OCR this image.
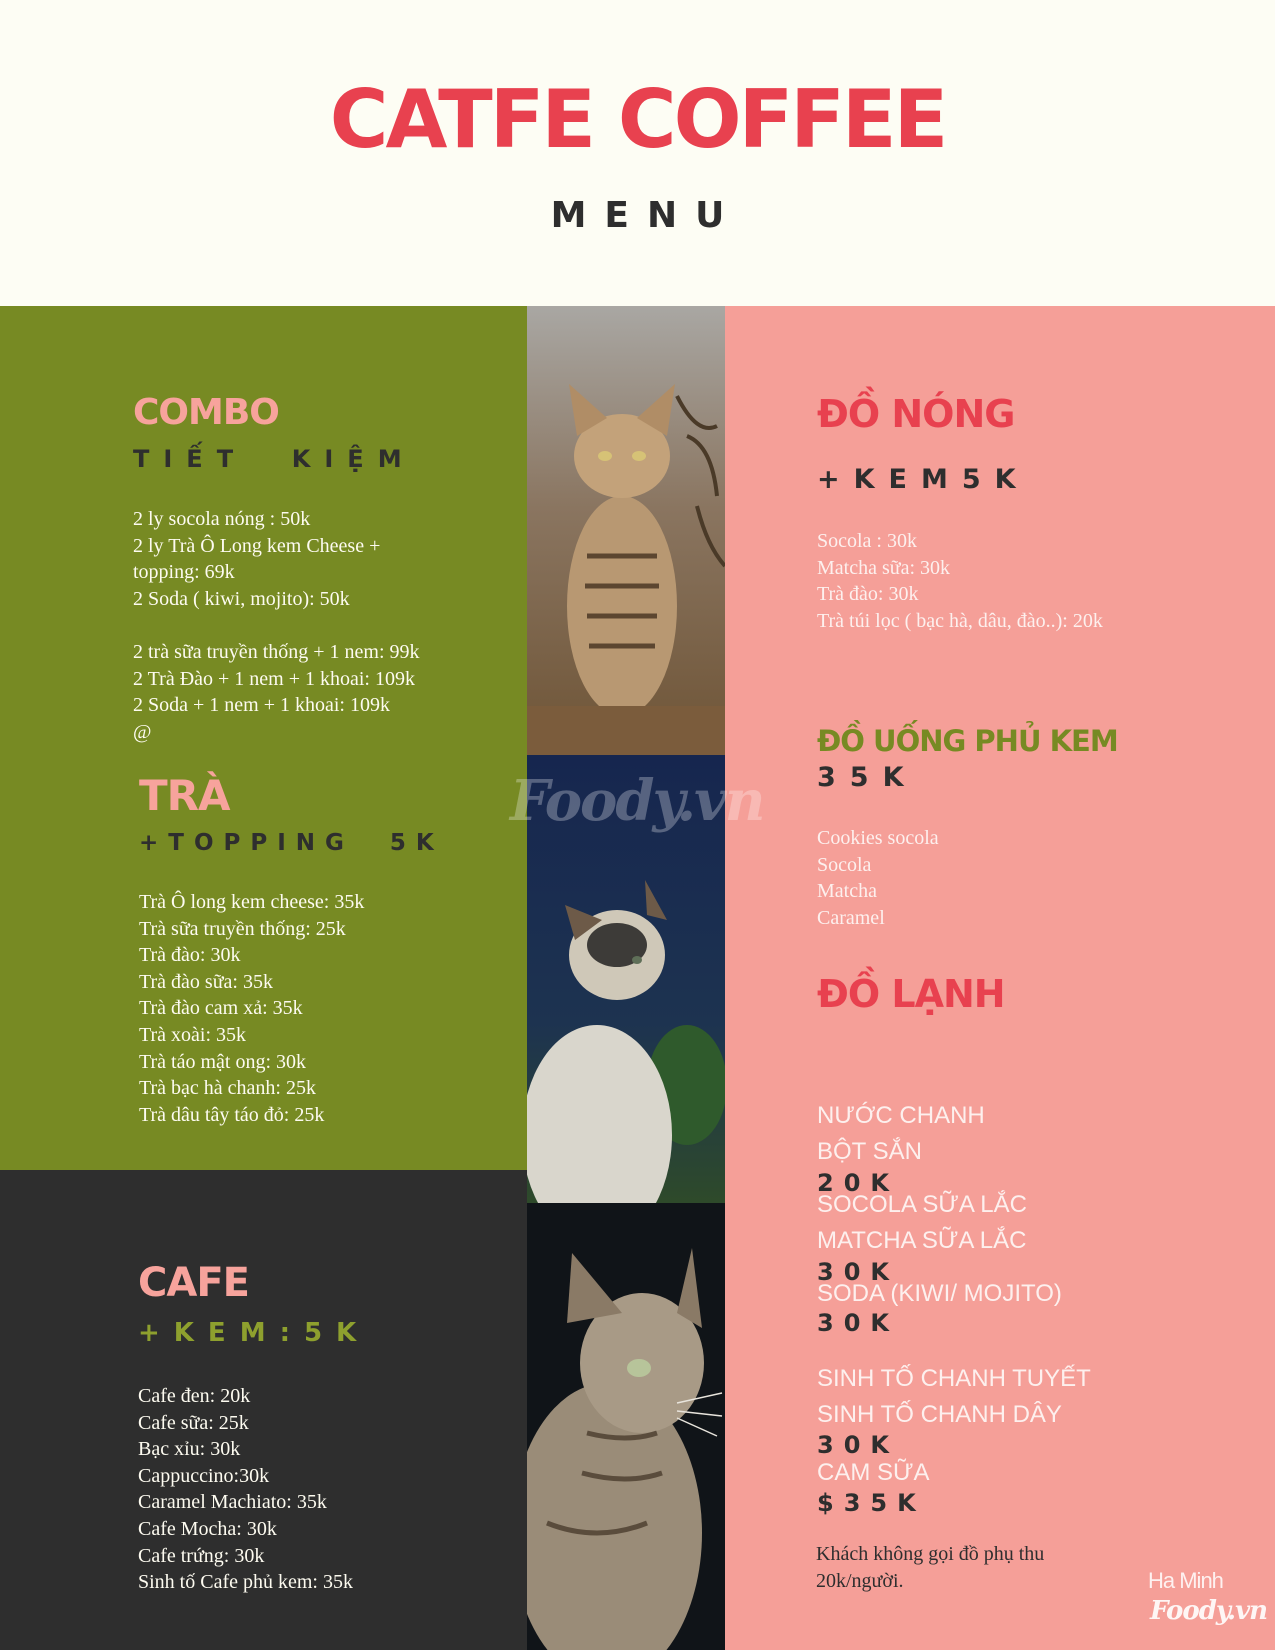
CATFE COFFEE
MENU
COMBO
TIẾT  KIỆM
2 ly socola nóng : 50k
2 ly Trà Ô Long kem Cheese +
topping: 69k
2 Soda ( kiwi, mojito): 50k
2 trà sữa truyền thống + 1 nem: 99k
2 Trà Đào + 1 nem + 1 khoai: 109k
2 Soda + 1 nem + 1 khoai: 109k
@
TRÀ
+TOPPING  5K
Trà Ô long kem cheese: 35k
Trà sữa truyền thống: 25k
Trà đào: 30k
Trà đào sữa: 35k
Trà đào cam xả: 35k
Trà xoài: 35k
Trà táo mật ong: 30k
Trà bạc hà chanh: 25k
Trà dâu tây táo đỏ: 25k
CAFE
+KEM:5K
Cafe đen: 20k
Cafe sữa: 25k
Bạc xỉu: 30k
Cappuccino:30k
Caramel Machiato: 35k
Cafe Mocha: 30k
Cafe trứng: 30k
Sinh tố Cafe phủ kem: 35k
ĐỒ NÓNG
+KEM5K
Socola : 30k
Matcha sữa: 30k
Trà đào: 30k
Trà túi lọc ( bạc hà, dâu, đào..): 20k
ĐỒ UỐNG PHỦ KEM
35K
Cookies socola
Socola
Matcha
Caramel
ĐỒ LẠNH
NƯỚC CHANH
BỘT SẮN
20K
SOCOLA SỮA LẮC
MATCHA SỮA LẮC
30K
SODA (KIWI/ MOJITO)
30K
SINH TỐ CHANH TUYẾT
SINH TỐ CHANH DÂY
30K
CAM SỮA
$35K
Khách không gọi đồ phụ thu
20k/người.
Foody.vn
Ha Minh
Foody.vn
